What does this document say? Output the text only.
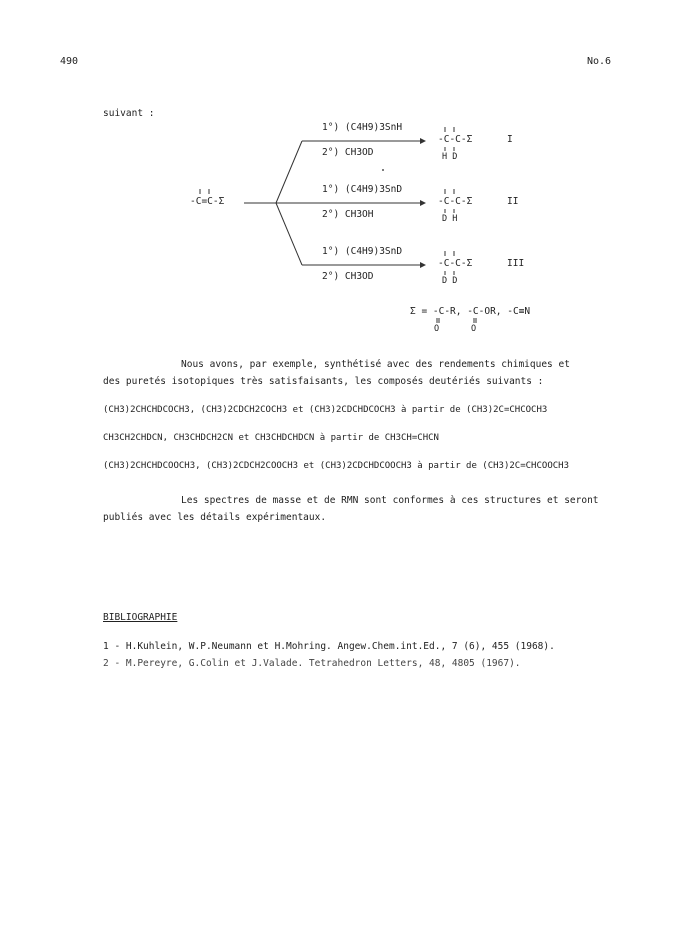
490	No.6
suivant :
-C=C-Σ
1°) (C4H9)3SnH
2°) CH3OD
-C-C-Σ
H D
I
1°) (C4H9)3SnD
2°) CH3OH
-C-C-Σ
D H
II
1°) (C4H9)3SnD
2°) CH3OD
-C-C-Σ
D D
III
Σ = -C-R, -C-OR, -C≡N
O	O
Nous avons, par exemple, synthétisé avec des rendements chimiques et
des puretés isotopiques très satisfaisants, les composés deutériés suivants :
(CH3)2CHCHDCOCH3, (CH3)2CDCH2COCH3 et (CH3)2CDCHDCOCH3 à partir de (CH3)2C=CHCOCH3
CH3CH2CHDCN, CH3CHDCH2CN et CH3CHDCHDCN à partir de CH3CH=CHCN
(CH3)2CHCHDCOOCH3, (CH3)2CDCH2COOCH3 et (CH3)2CDCHDCOOCH3 à partir de (CH3)2C=CHCOOCH3
Les spectres de masse et de RMN sont conformes à ces structures et seront
publiés avec les détails expérimentaux.
BIBLIOGRAPHIE
1 - H.Kuhlein, W.P.Neumann et H.Mohring. Angew.Chem.int.Ed., 7 (6), 455 (1968).
2 - M.Pereyre, G.Colin et J.Valade. Tetrahedron Letters, 48, 4805 (1967).
